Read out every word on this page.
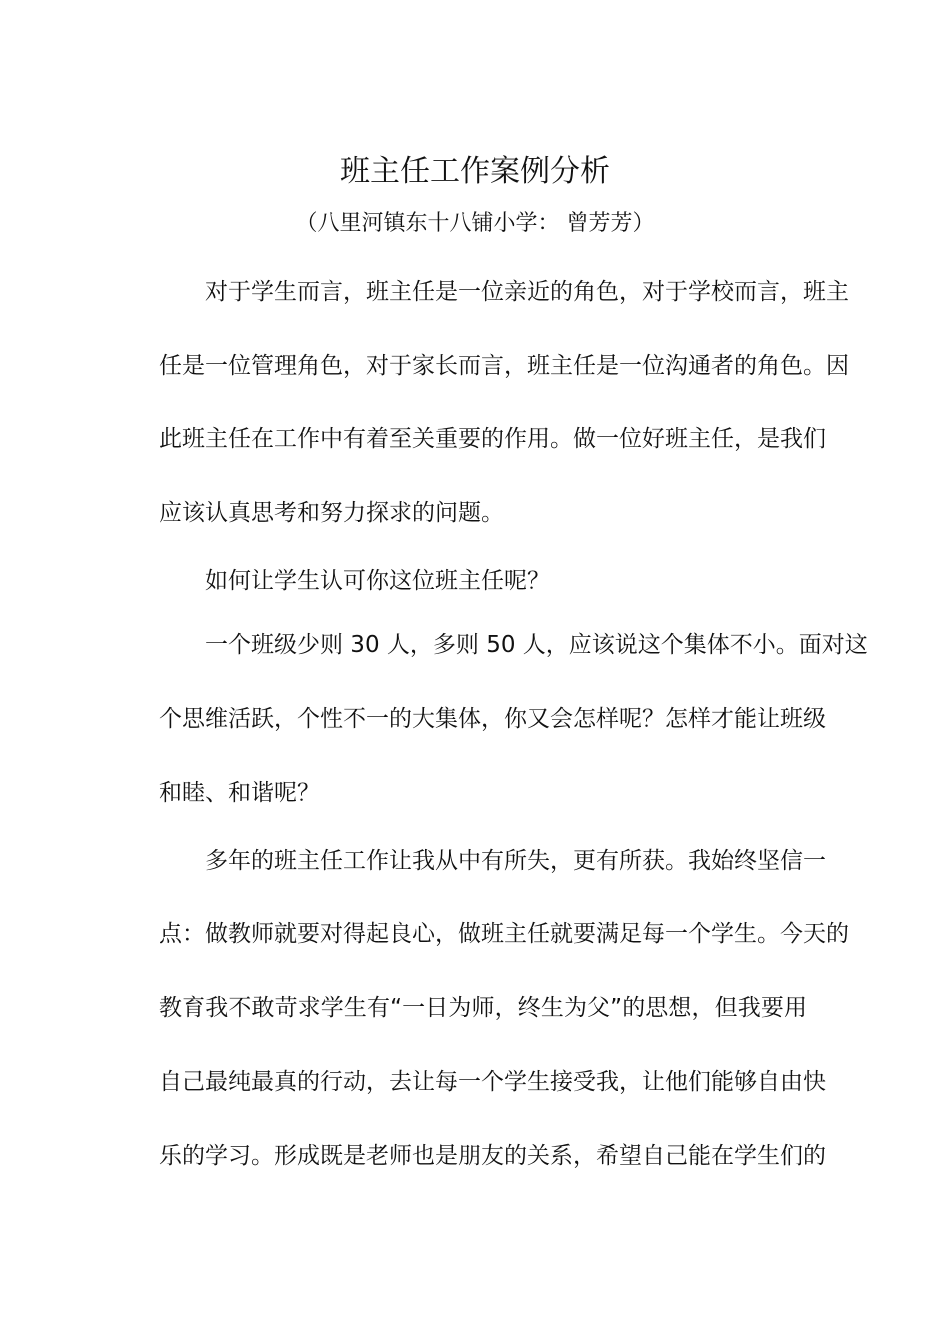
班主任工作案例分析
（八里河镇东十八铺小学： 曾芳芳）
对于学生而言，班主任是一位亲近的角色，对于学校而言，班主
任是一位管理角色，对于家长而言，班主任是一位沟通者的角色。因
此班主任在工作中有着至关重要的作用。做一位好班主任，是我们
应该认真思考和努力探求的问题。
如何让学生认可你这位班主任呢？
一个班级少则 30 人，多则 50 人，应该说这个集体不小。面对这
个思维活跃，个性不一的大集体，你又会怎样呢？怎样才能让班级
和睦、和谐呢？
多年的班主任工作让我从中有所失，更有所获。我始终坚信一
点：做教师就要对得起良心，做班主任就要满足每一个学生。今天的
教育我不敢苛求学生有“一日为师，终生为父”的思想，但我要用
自己最纯最真的行动，去让每一个学生接受我，让他们能够自由快
乐的学习。形成既是老师也是朋友的关系，希望自己能在学生们的
